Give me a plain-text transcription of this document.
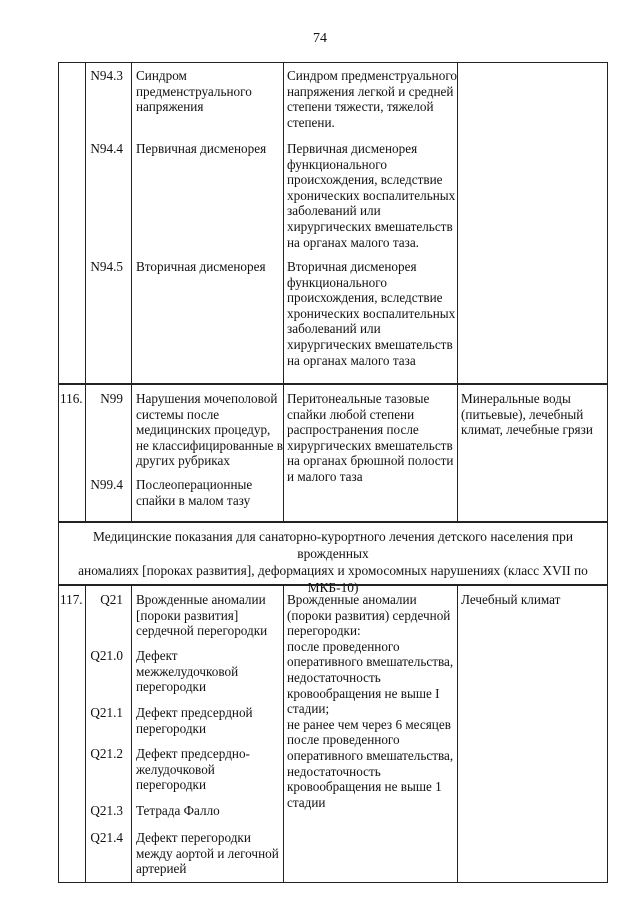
74
N94.3 Синдром
предменструального
напряжения
Синдром предменструального
напряжения легкой и средней
степени тяжести, тяжелой
степени.
N94.4 Первичная дисменорея Первичная дисменорея
функционального
происхождения, вследствие
хронических воспалительных
заболеваний или
хирургических вмешательств
на органах малого таза.
N94.5 Вторичная дисменорея Вторичная дисменорея
функционального
происхождения, вследствие
хронических воспалительных
заболеваний или
хирургических вмешательств
на органах малого таза
116.	N99 Нарушения мочеполовой
системы после
медицинских процедур,
не классифицированные в
других рубриках
N99.4 Послеоперационные
спайки в малом тазу
Перитонеальные тазовые
спайки любой степени
распространения после
хирургических вмешательств
на органах брюшной полости
и малого таза
Минеральные воды
(питьевые), лечебный
климат, лечебные грязи
Медицинские показания для санаторно-курортного лечения детского населения при врожденных
аномалиях [пороках развития], деформациях и хромосомных нарушениях (класс XVII по МКБ-10)
117.	Q21 Врожденные аномалии
[пороки развития]
сердечной перегородки
Q21.0 Дефект
межжелудочковой
перегородки
Q21.1 Дефект предсердной
перегородки
Q21.2 Дефект предсердно-
желудочковой
перегородки
Q21.3 Тетрада Фалло
Q21.4 Дефект перегородки
между аортой и легочной
артерией
Врожденные аномалии
(пороки развития) сердечной
перегородки:
после проведенного
оперативного вмешательства,
недостаточность
кровообращения не выше I
стадии;
не ранее чем через 6 месяцев
после проведенного
оперативного вмешательства,
недостаточность
кровообращения не выше 1
стадии
Лечебный климат
